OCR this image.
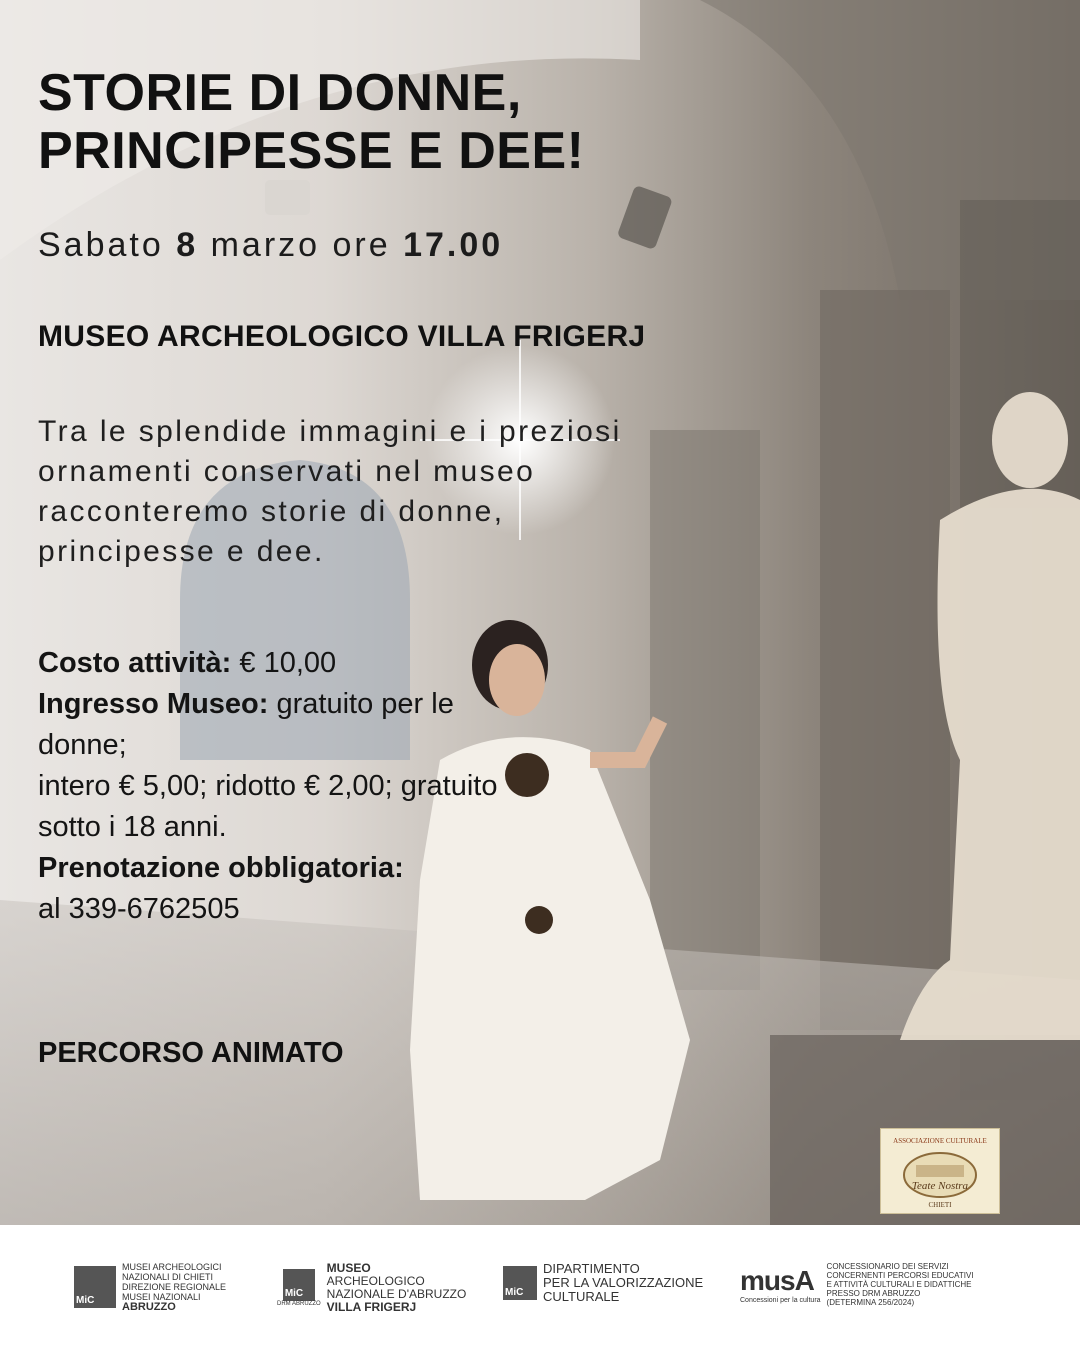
STORIE DI DONNE,
PRINCIPESSE E DEE!
Sabato 8 marzo ore 17.00
MUSEO ARCHEOLOGICO VILLA FRIGERJ
Tra le splendide immagini e i preziosi ornamenti conservati nel museo racconteremo storie di donne, principesse e dee.
Costo attività: € 10,00
Ingresso Museo: gratuito per le donne;
intero € 5,00; ridotto € 2,00; gratuito sotto i 18 anni.
Prenotazione obbligatoria:
al 339-6762505
PERCORSO ANIMATO
ASSOCIAZIONE CULTURALE
Teate Nostra
CHIETI
MiC
MUSEI ARCHEOLOGICI
NAZIONALI DI CHIETI
DIREZIONE REGIONALE
MUSEI NAZIONALI
ABRUZZO
MiC
DRM ABRUZZO
MUSEO
ARCHEOLOGICO
NAZIONALE D'ABRUZZO
VILLA FRIGERJ
MiC
DIPARTIMENTO
PER LA VALORIZZAZIONE
CULTURALE
musA
Concessioni per la cultura
CONCESSIONARIO DEI SERVIZI
CONCERNENTI PERCORSI EDUCATIVI
E ATTIVITÀ CULTURALI E DIDATTICHE
PRESSO DRM ABRUZZO
(DETERMINA 256/2024)
